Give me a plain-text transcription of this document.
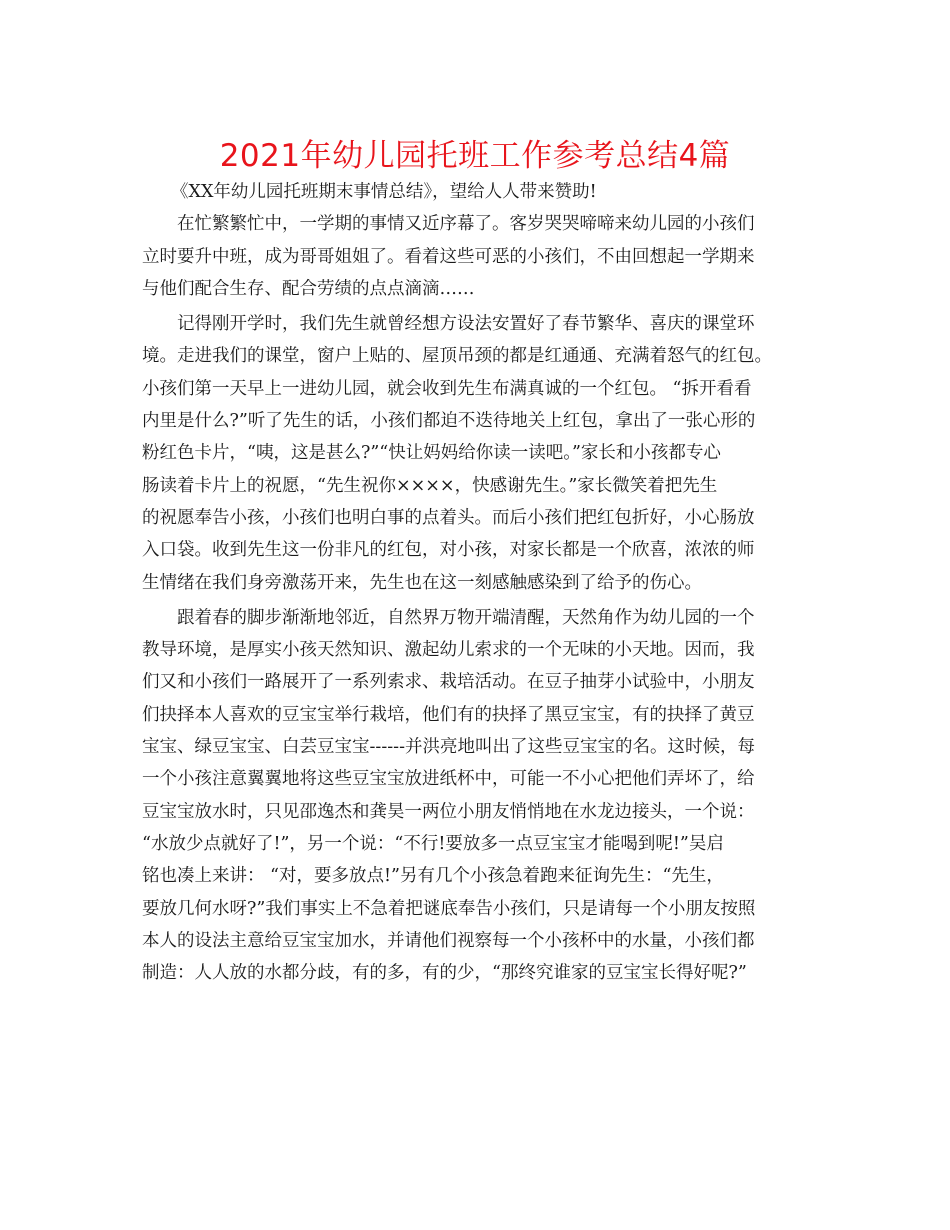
2021年幼儿园托班工作参考总结4篇
《XX年幼儿园托班期末事情总结》，望给人人带来赞助!
　　在忙繁繁忙中，一学期的事情又近序幕了。客岁哭哭啼啼来幼儿园的小孩们
立时要升中班，成为哥哥姐姐了。看着这些可恶的小孩们，不由回想起一学期来
与他们配合生存、配合劳绩的点点滴滴……
　　记得刚开学时，我们先生就曾经想方设法安置好了春节繁华、喜庆的课堂环
境。走进我们的课堂，窗户上贴的、屋顶吊颈的都是红通通、充满着怒气的红包。
小孩们第一天早上一进幼儿园，就会收到先生布满真诚的一个红包。 “拆开看看
内里是什么?”听了先生的话，小孩们都迫不迭待地关上红包，拿出了一张心形的
粉红色卡片，“咦，这是甚么?”“快让妈妈给你读一读吧。”家长和小孩都专心
肠读着卡片上的祝愿，“先生祝你××××，快感谢先生。”家长微笑着把先生
的祝愿奉告小孩，小孩们也明白事的点着头。而后小孩们把红包折好，小心肠放
入口袋。收到先生这一份非凡的红包，对小孩，对家长都是一个欣喜，浓浓的师
生情绪在我们身旁激荡开来，先生也在这一刻感触感染到了给予的伤心。
　　跟着春的脚步渐渐地邻近，自然界万物开端清醒，天然角作为幼儿园的一个
教导环境，是厚实小孩天然知识、激起幼儿索求的一个无味的小天地。因而，我
们又和小孩们一路展开了一系列索求、栽培活动。在豆子抽芽小试验中，小朋友
们抉择本人喜欢的豆宝宝举行栽培，他们有的抉择了黑豆宝宝，有的抉择了黄豆
宝宝、绿豆宝宝、白芸豆宝宝------并洪亮地叫出了这些豆宝宝的名。这时候，每
一个小孩注意翼翼地将这些豆宝宝放进纸杯中，可能一不小心把他们弄坏了，给
豆宝宝放水时，只见邵逸杰和龚昊一两位小朋友悄悄地在水龙边接头，一个说：
“水放少点就好了!”，另一个说：“不行!要放多一点豆宝宝才能喝到呢!”吴启
铭也凑上来讲： “对，要多放点!”另有几个小孩急着跑来征询先生：“先生，
要放几何水呀?”我们事实上不急着把谜底奉告小孩们，只是请每一个小朋友按照
本人的设法主意给豆宝宝加水，并请他们视察每一个小孩杯中的水量，小孩们都
制造：人人放的水都分歧，有的多，有的少，“那终究谁家的豆宝宝长得好呢?”
